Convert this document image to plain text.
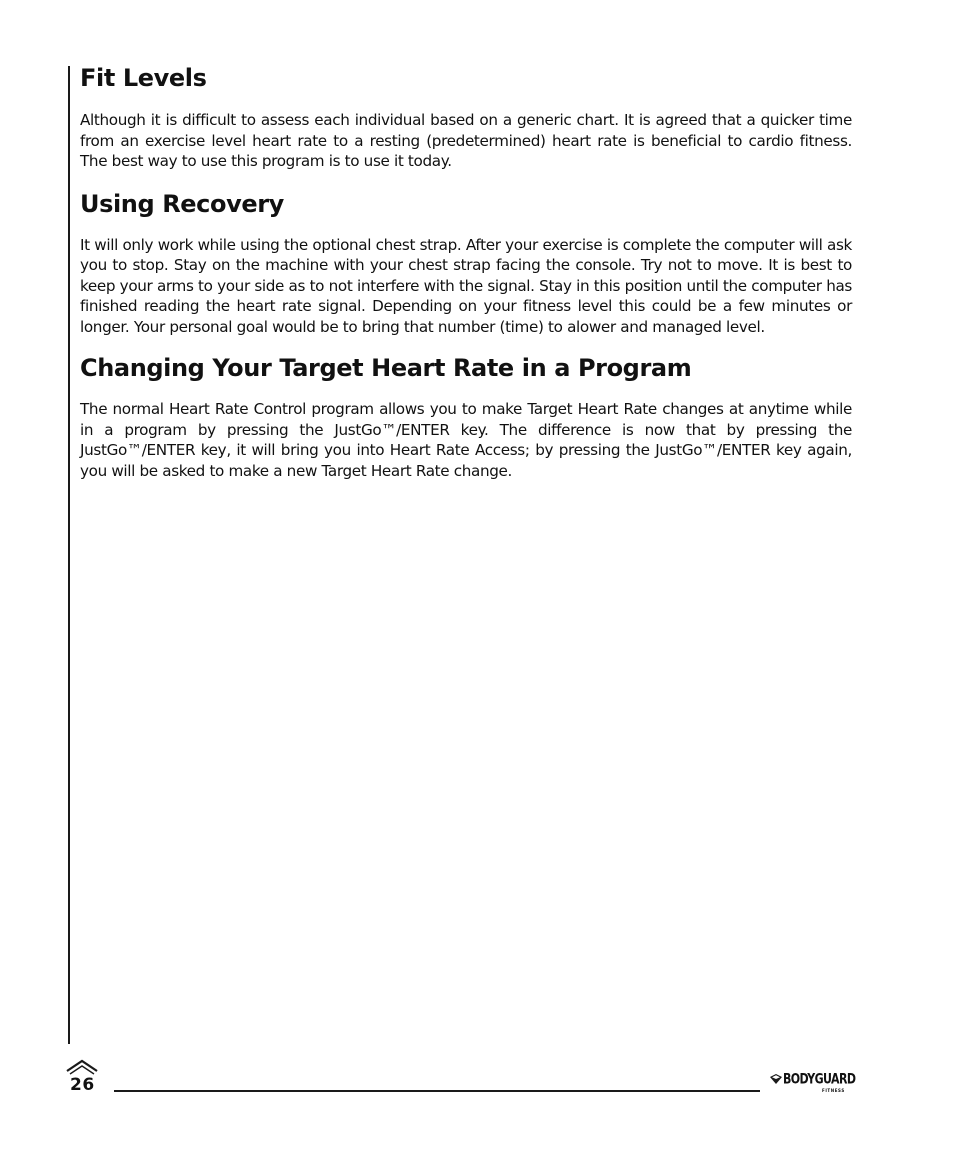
Fit Levels

Although it is difficult to assess each individual based on a generic chart. It is agreed that a quicker time from an exercise level heart rate to a resting (predetermined) heart rate is beneficial to cardio fitness. The best way to use this program is to use it today.

Using Recovery

It will only work while using the optional chest strap. After your exercise is complete the computer will ask you to stop. Stay on the machine with your chest strap facing the console. Try not to move. It is best to keep your arms to your side as to not interfere with the signal. Stay in this position until the computer has finished reading the heart rate signal. Depending on your fitness level this could be a few minutes or longer. Your personal goal would be to bring that number (time) to alower and managed level.

Changing Your Target Heart Rate in a Program

The normal Heart Rate Control program allows you to make Target Heart Rate changes at anytime while in a program by pressing the JustGo™/ENTER key. The difference is now that by pressing the JustGo™/ENTER key, it will bring you into Heart Rate Access; by pressing the JustGo™/ENTER key again, you will be asked to make a new Target Heart Rate change.

26	BODYGUARD
FITNESS
